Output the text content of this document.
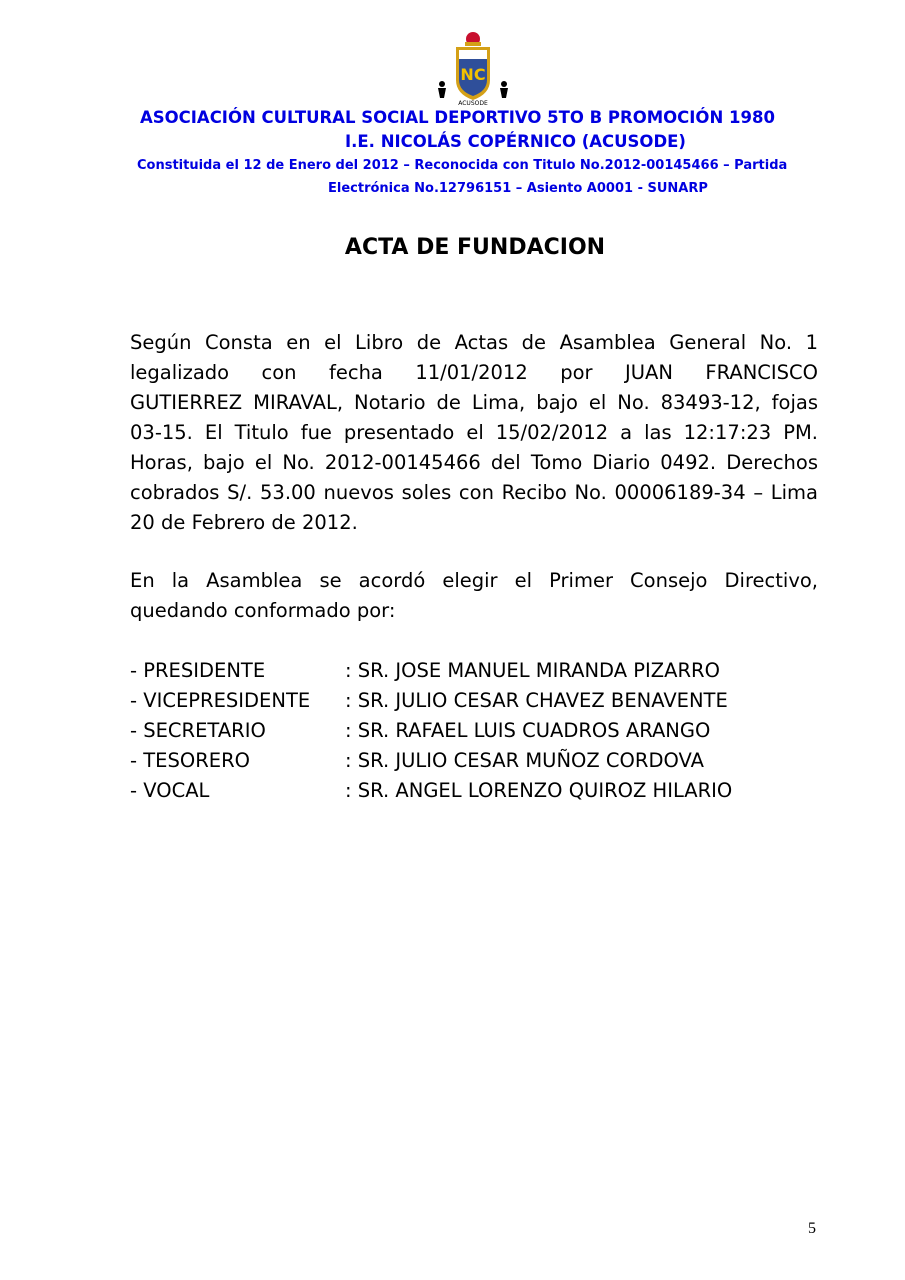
NC
ACUSODE
ASOCIACIÓN CULTURAL SOCIAL DEPORTIVO 5TO B PROMOCIÓN 1980
I.E. NICOLÁS COPÉRNICO (ACUSODE)
Constituida el 12 de Enero del 2012 – Reconocida con Titulo No.2012-00145466 – Partida
Electrónica No.12796151 – Asiento A0001 - SUNARP
ACTA DE FUNDACION
Según Consta en el Libro de Actas de Asamblea General No. 1
legalizado con fecha 11/01/2012 por JUAN FRANCISCO
GUTIERREZ MIRAVAL, Notario de Lima, bajo el No. 83493-12, fojas
03-15. El Titulo fue presentado el 15/02/2012 a las 12:17:23 PM.
Horas, bajo el No. 2012-00145466 del Tomo Diario 0492. Derechos
cobrados S/. 53.00 nuevos soles con Recibo No. 00006189-34 – Lima
20 de Febrero de 2012.
En la Asamblea se acordó elegir el Primer Consejo Directivo,
quedando conformado por:
- PRESIDENTE	: SR. JOSE MANUEL MIRANDA PIZARRO
- VICEPRESIDENTE	: SR. JULIO CESAR CHAVEZ BENAVENTE
- SECRETARIO	: SR. RAFAEL LUIS CUADROS ARANGO
- TESORERO	: SR. JULIO CESAR MUÑOZ CORDOVA
- VOCAL	: SR. ANGEL LORENZO QUIROZ HILARIO
5
